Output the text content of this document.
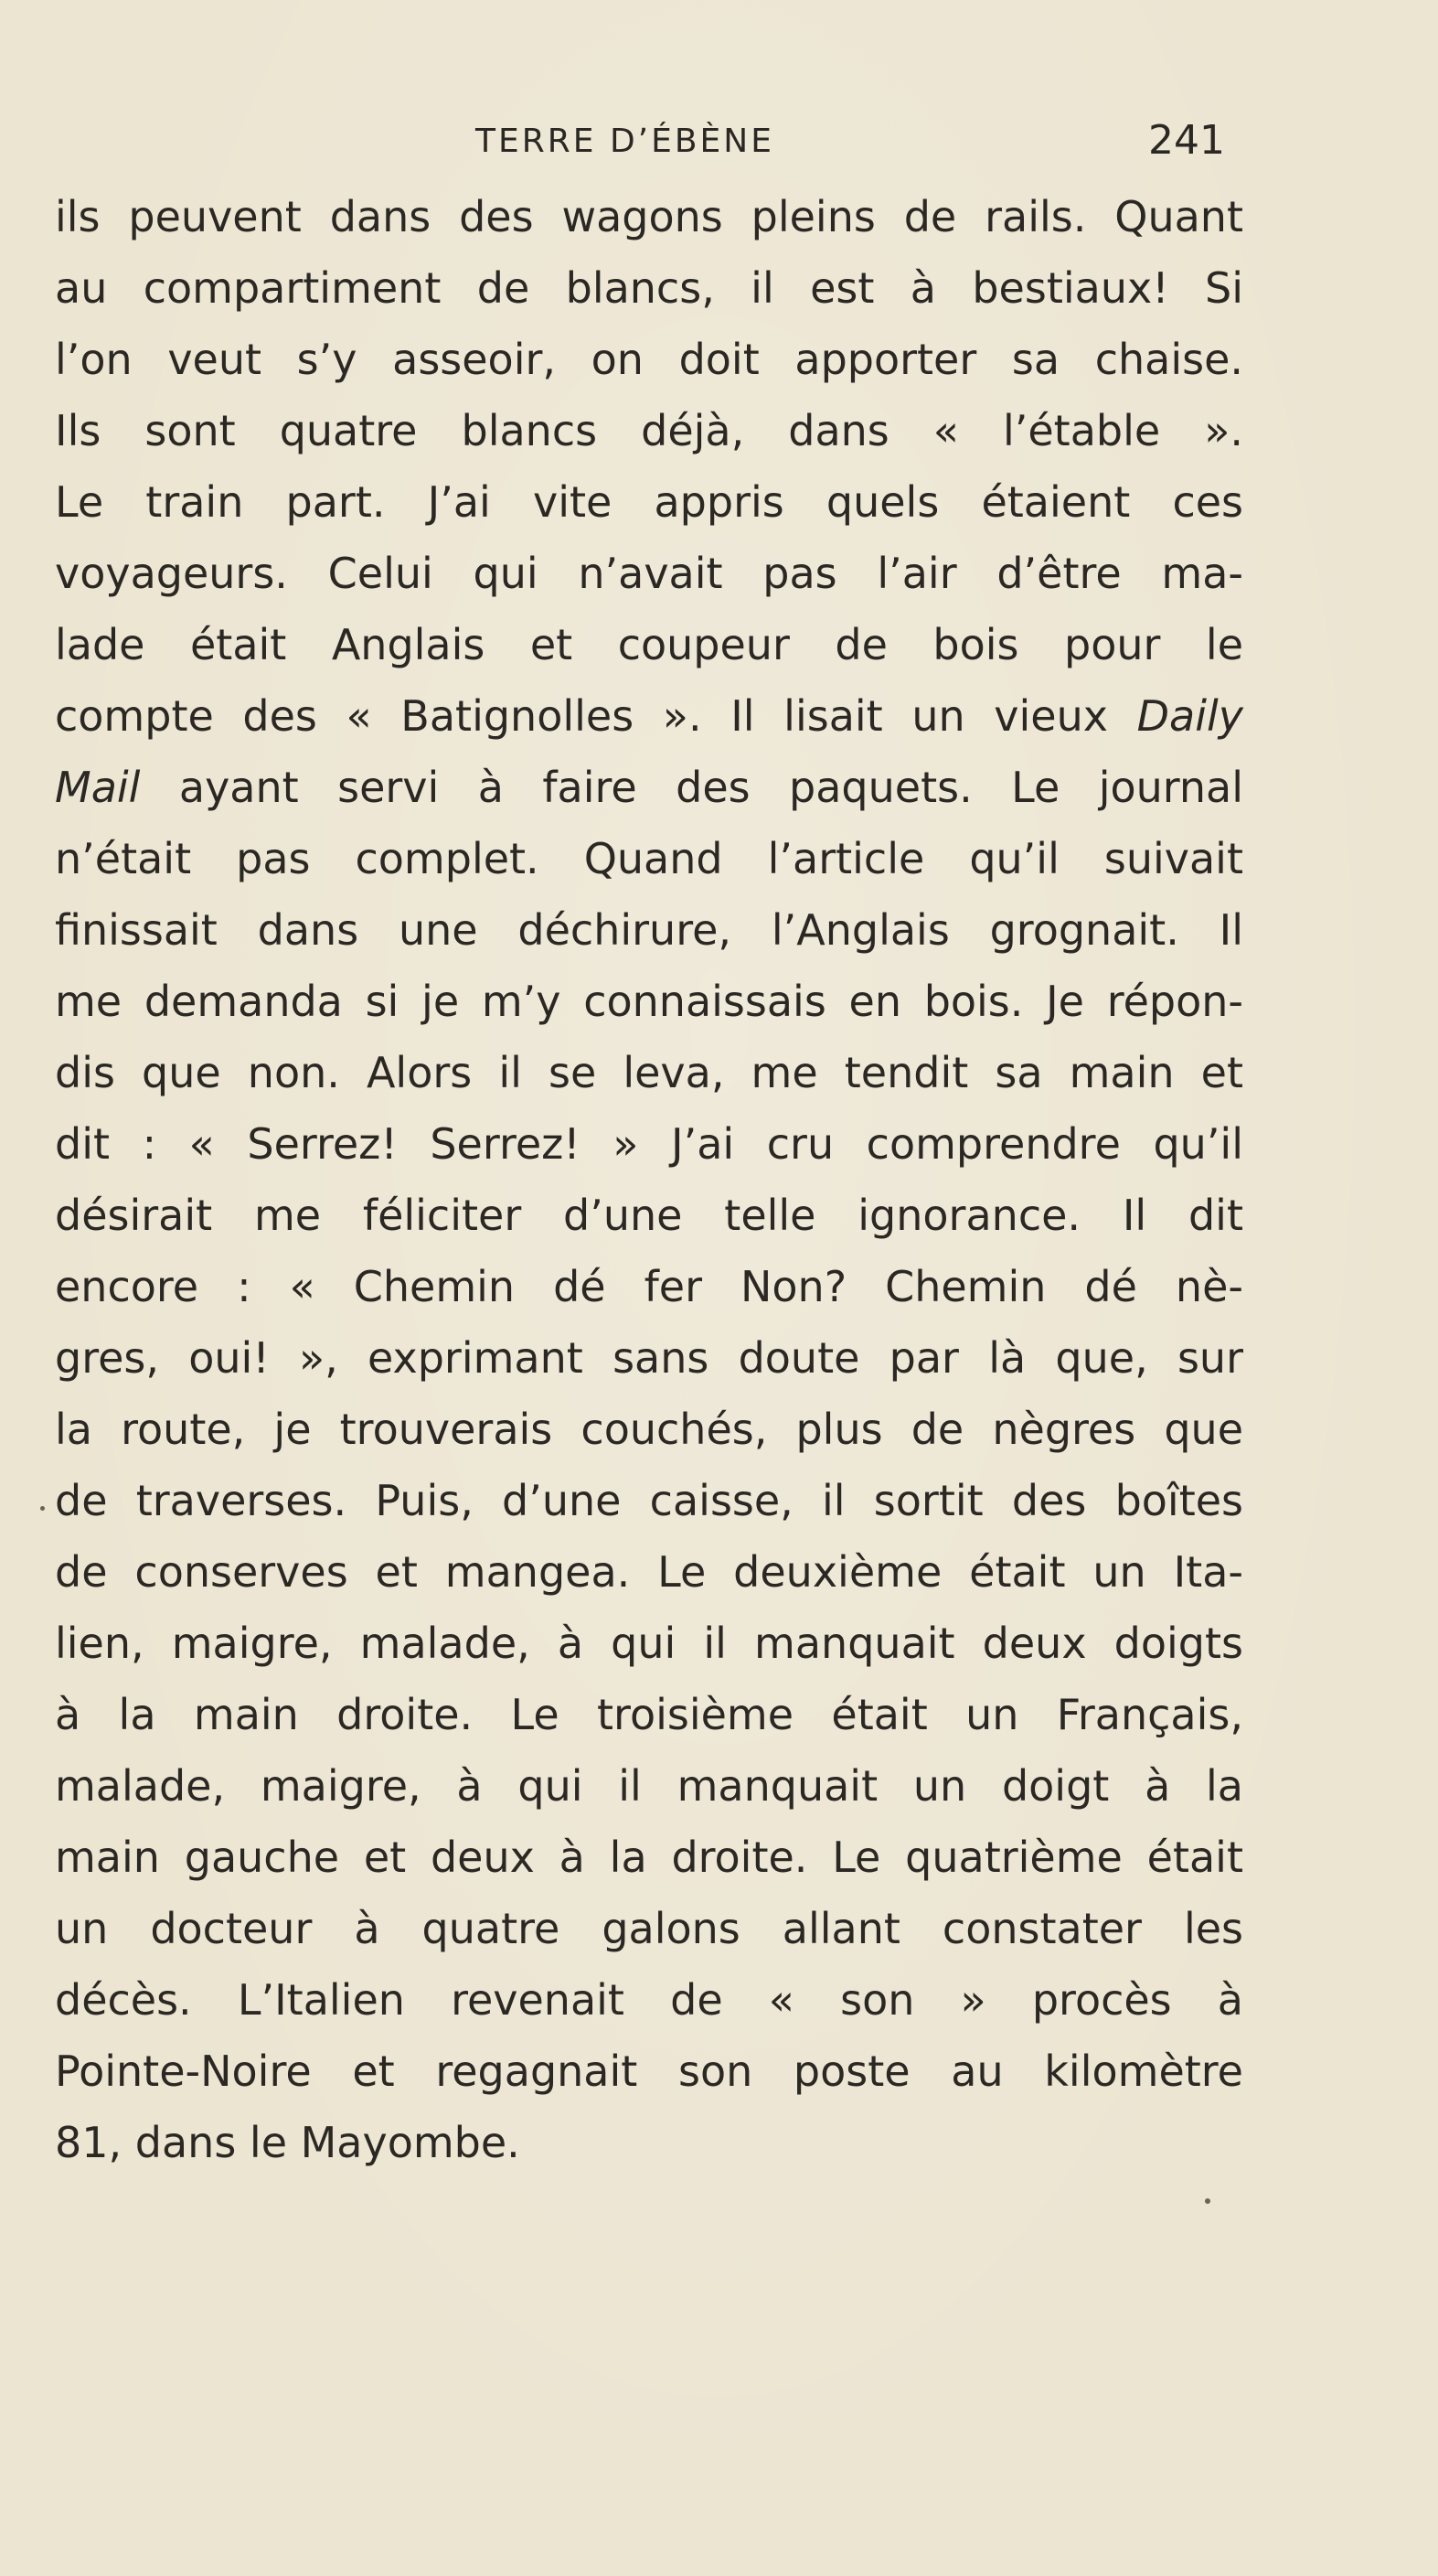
TERRE D’ÉBÈNE	241
ils peuvent dans des wagons pleins de rails. Quant
au compartiment de blancs, il est à bestiaux! Si
l’on veut s’y asseoir, on doit apporter sa chaise.
Ils sont quatre blancs déjà, dans « l’étable ».
Le train part. J’ai vite appris quels étaient ces
voyageurs. Celui qui n’avait pas l’air d’être ma-
lade était Anglais et coupeur de bois pour le
compte des « Batignolles ». Il lisait un vieux Daily
Mail ayant servi à faire des paquets. Le journal
n’était pas complet. Quand l’article qu’il suivait
finissait dans une déchirure, l’Anglais grognait. Il
me demanda si je m’y connaissais en bois. Je répon-
dis que non. Alors il se leva, me tendit sa main et
dit : « Serrez! Serrez! » J’ai cru comprendre qu’il
désirait me féliciter d’une telle ignorance. Il dit
encore : « Chemin dé fer Non? Chemin dé nè-
gres, oui! », exprimant sans doute par là que, sur
la route, je trouverais couchés, plus de nègres que
de traverses. Puis, d’une caisse, il sortit des boîtes
de conserves et mangea. Le deuxième était un Ita-
lien, maigre, malade, à qui il manquait deux doigts
à la main droite. Le troisième était un Français,
malade, maigre, à qui il manquait un doigt à la
main gauche et deux à la droite. Le quatrième était
un docteur à quatre galons allant constater les
décès. L’Italien revenait de « son » procès à
Pointe-Noire et regagnait son poste au kilomètre
81, dans le Mayombe.
